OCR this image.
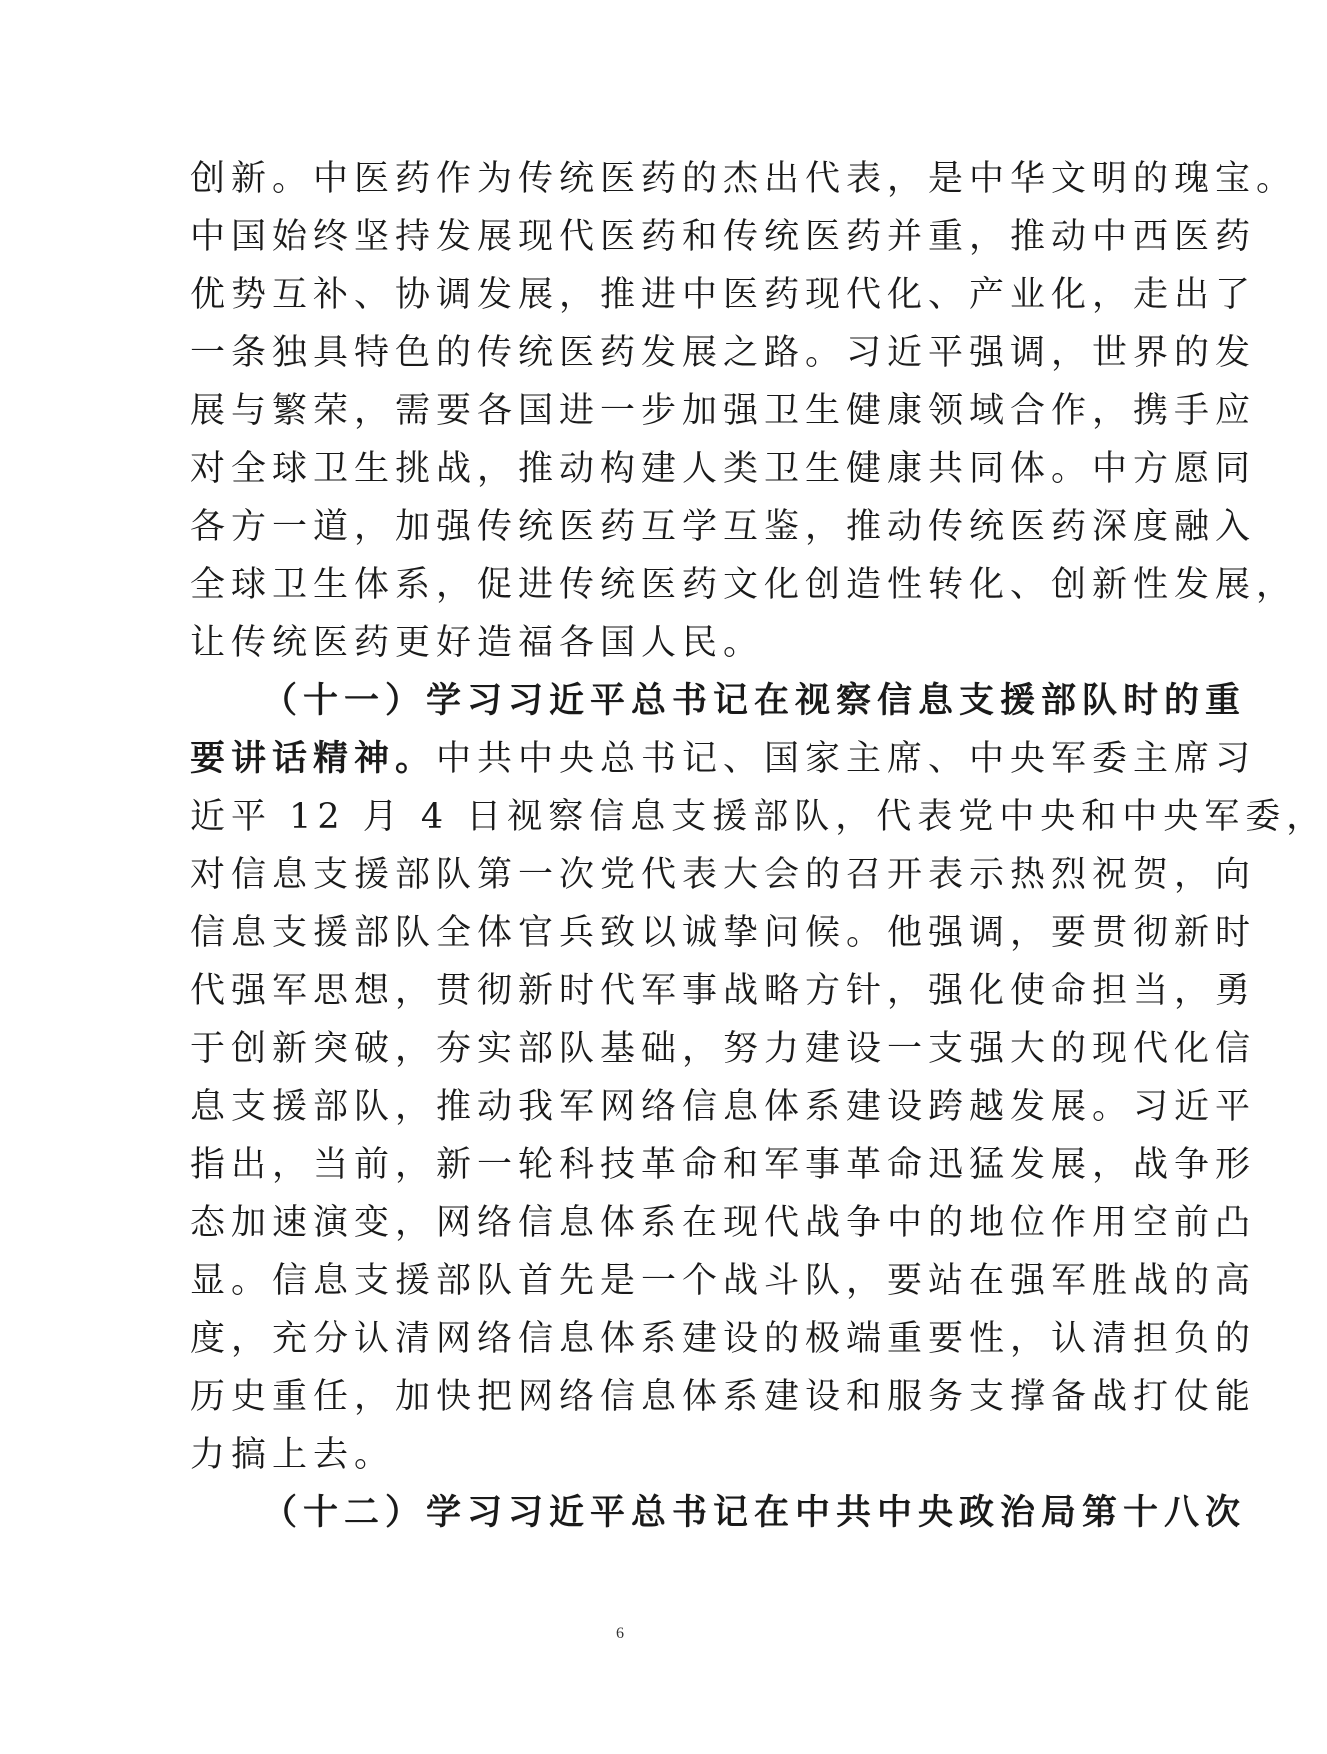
创新。中医药作为传统医药的杰出代表，是中华文明的瑰宝。
中国始终坚持发展现代医药和传统医药并重，推动中西医药
优势互补、协调发展，推进中医药现代化、产业化，走出了
一条独具特色的传统医药发展之路。习近平强调，世界的发
展与繁荣，需要各国进一步加强卫生健康领域合作，携手应
对全球卫生挑战，推动构建人类卫生健康共同体。中方愿同
各方一道，加强传统医药互学互鉴，推动传统医药深度融入
全球卫生体系，促进传统医药文化创造性转化、创新性发展，
让传统医药更好造福各国人民。
（十一）学习习近平总书记在视察信息支援部队时的重
要讲话精神。中共中央总书记、国家主席、中央军委主席习
近平 12 月 4 日视察信息支援部队，代表党中央和中央军委，
对信息支援部队第一次党代表大会的召开表示热烈祝贺，向
信息支援部队全体官兵致以诚挚问候。他强调，要贯彻新时
代强军思想，贯彻新时代军事战略方针，强化使命担当，勇
于创新突破，夯实部队基础，努力建设一支强大的现代化信
息支援部队，推动我军网络信息体系建设跨越发展。习近平
指出，当前，新一轮科技革命和军事革命迅猛发展，战争形
态加速演变，网络信息体系在现代战争中的地位作用空前凸
显。信息支援部队首先是一个战斗队，要站在强军胜战的高
度，充分认清网络信息体系建设的极端重要性，认清担负的
历史重任，加快把网络信息体系建设和服务支撑备战打仗能
力搞上去。
（十二）学习习近平总书记在中共中央政治局第十八次
6
